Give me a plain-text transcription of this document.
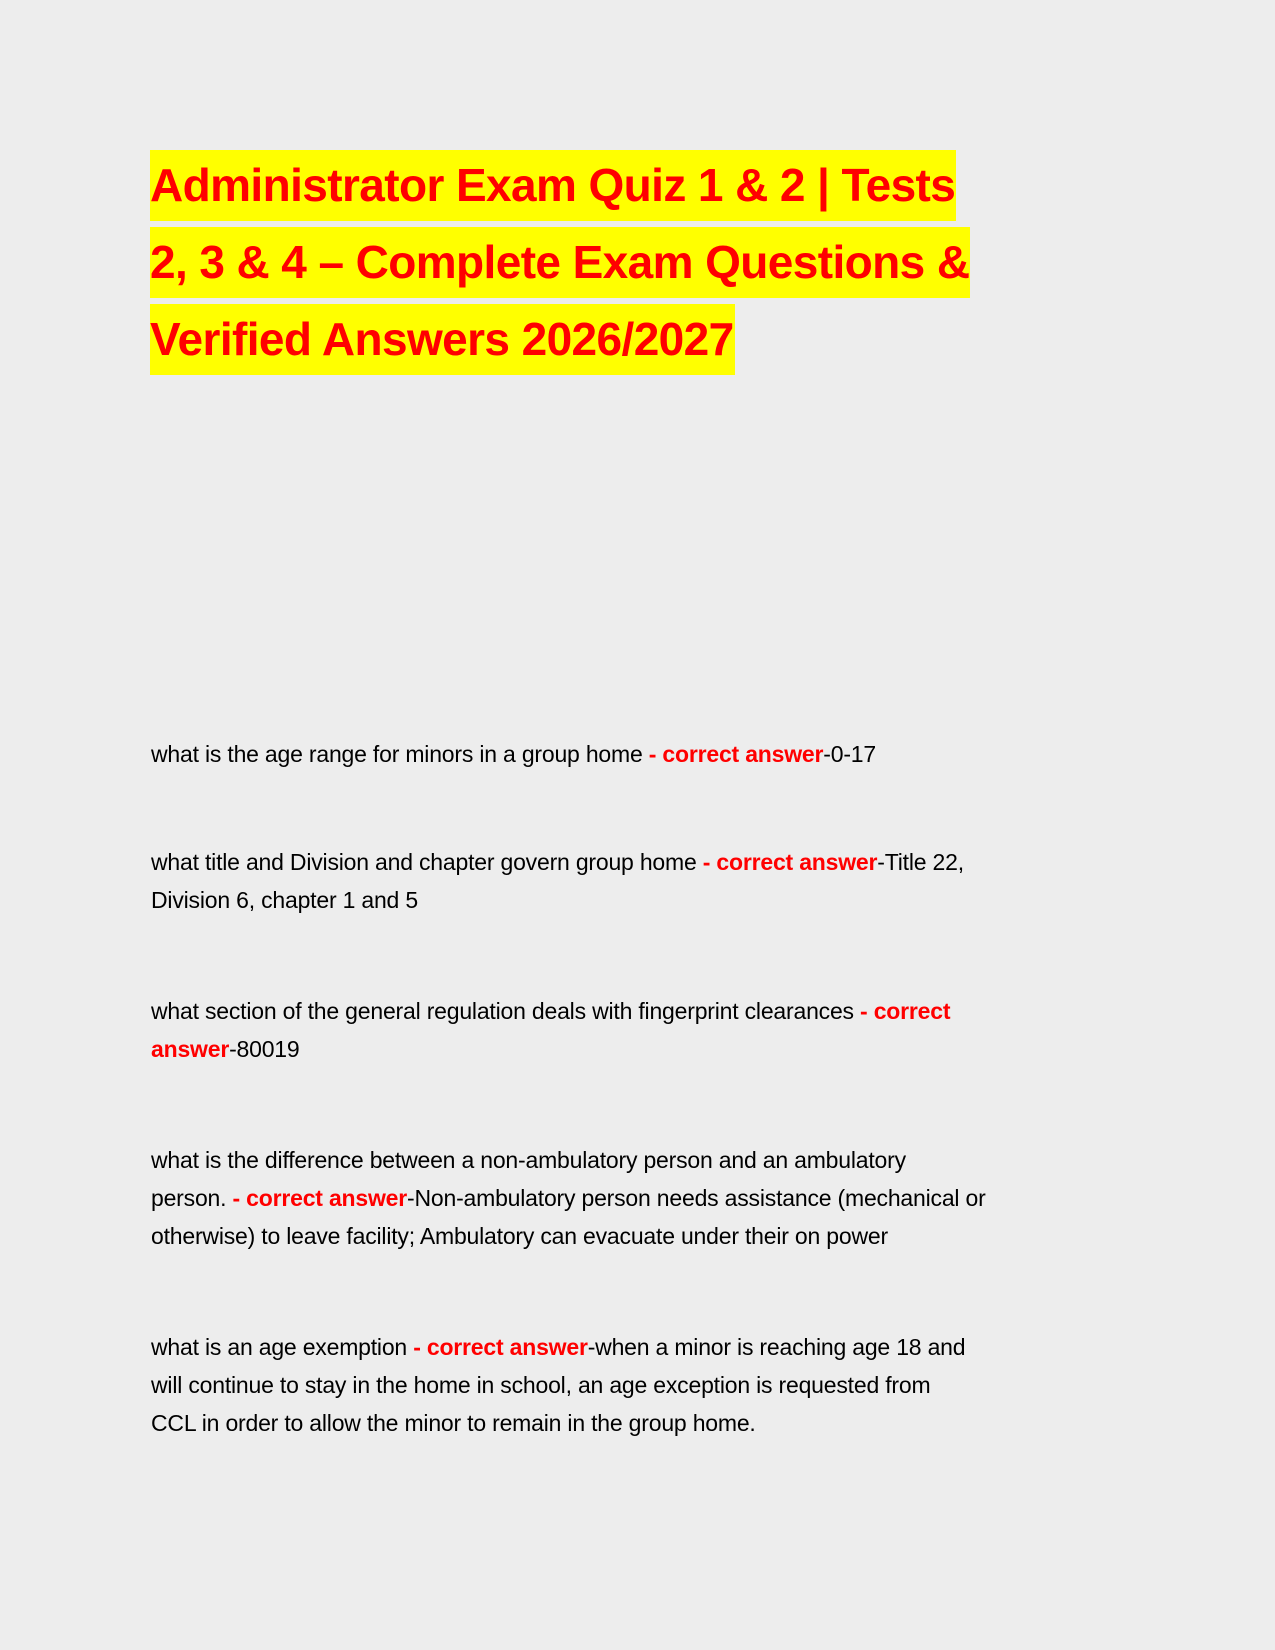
Administrator Exam Quiz 1 & 2 | Tests
2, 3 & 4 – Complete Exam Questions &
Verified Answers 2026/2027

what is the age range for minors in a group home - correct answer-0-17

what title and Division and chapter govern group home - correct answer-Title 22,
Division 6, chapter 1 and 5

what section of the general regulation deals with fingerprint clearances - correct
answer-80019

what is the difference between a non-ambulatory person and an ambulatory
person. - correct answer-Non-ambulatory person needs assistance (mechanical or
otherwise) to leave facility; Ambulatory can evacuate under their on power

what is an age exemption - correct answer-when a minor is reaching age 18 and
will continue to stay in the home in school, an age exception is requested from
CCL in order to allow the minor to remain in the group home.
